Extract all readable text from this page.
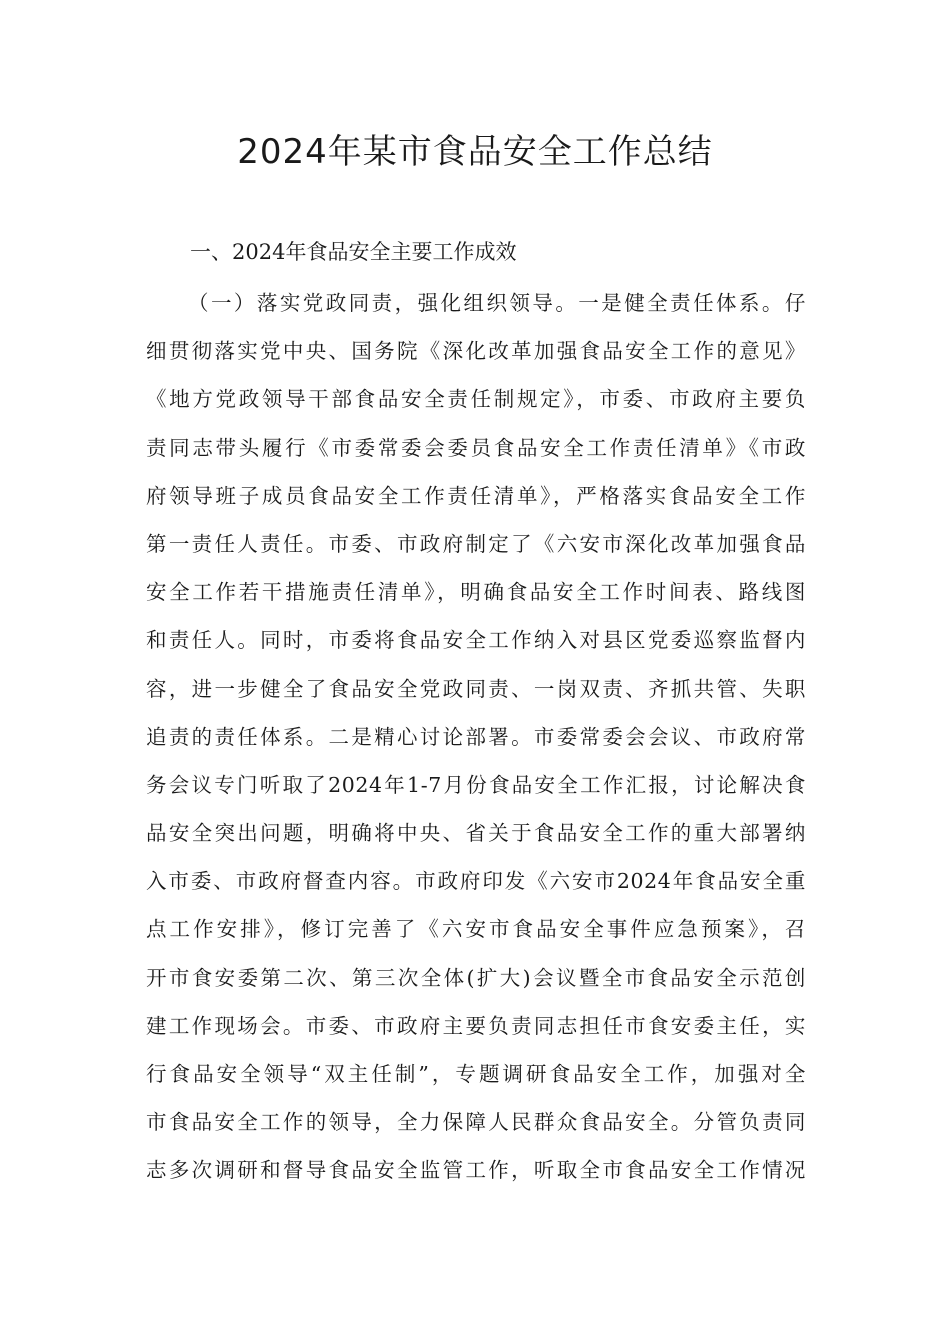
2024年某市食品安全工作总结

一、2024年食品安全主要工作成效

（一）落实党政同责，强化组织领导。一是健全责任体系。仔
细贯彻落实党中央、国务院《深化改革加强食品安全工作的意见》
《地方党政领导干部食品安全责任制规定》，市委、市政府主要负
责同志带头履行《市委常委会委员食品安全工作责任清单》《市政
府领导班子成员食品安全工作责任清单》，严格落实食品安全工作
第一责任人责任。市委、市政府制定了《六安市深化改革加强食品
安全工作若干措施责任清单》，明确食品安全工作时间表、路线图
和责任人。同时，市委将食品安全工作纳入对县区党委巡察监督内
容，进一步健全了食品安全党政同责、一岗双责、齐抓共管、失职
追责的责任体系。二是精心讨论部署。市委常委会会议、市政府常
务会议专门听取了2024年1-7月份食品安全工作汇报，讨论解决食
品安全突出问题，明确将中央、省关于食品安全工作的重大部署纳
入市委、市政府督查内容。市政府印发《六安市2024年食品安全重
点工作安排》，修订完善了《六安市食品安全事件应急预案》，召
开市食安委第二次、第三次全体(扩大)会议暨全市食品安全示范创
建工作现场会。市委、市政府主要负责同志担任市食安委主任，实
行食品安全领导“双主任制”，专题调研食品安全工作，加强对全
市食品安全工作的领导，全力保障人民群众食品安全。分管负责同
志多次调研和督导食品安全监管工作，听取全市食品安全工作情况
